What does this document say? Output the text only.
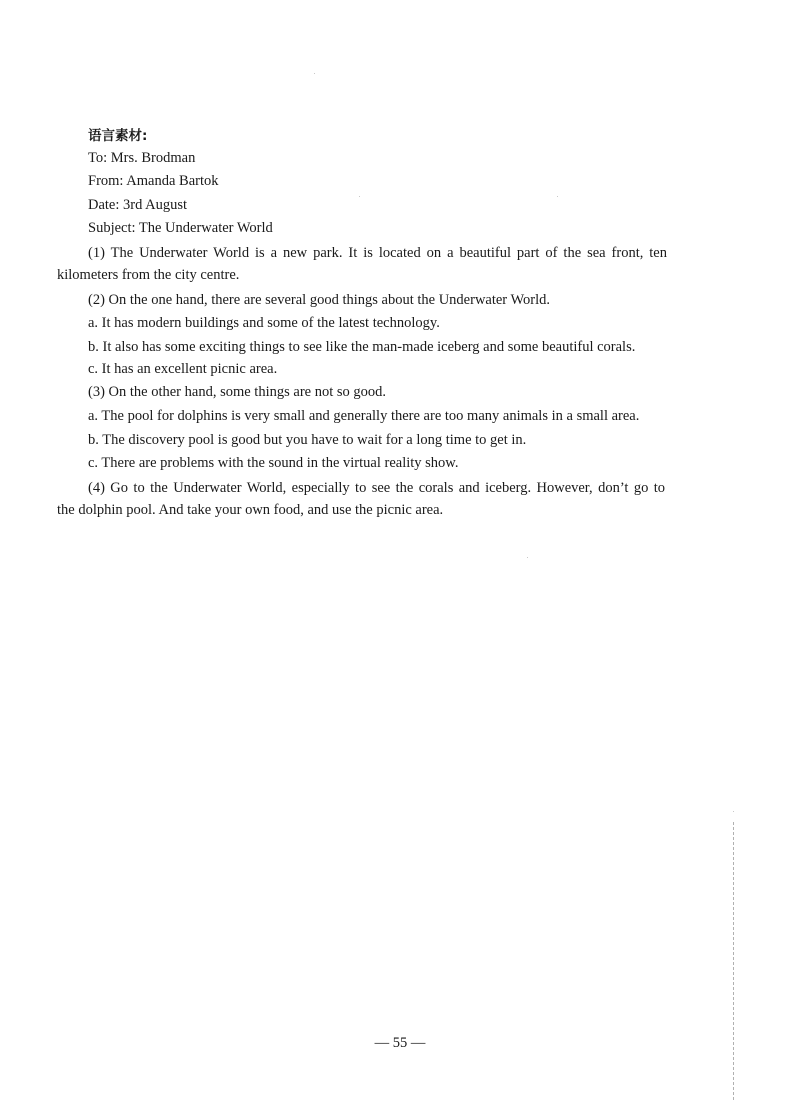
语言素材:
To: Mrs. Brodman
From: Amanda Bartok
Date: 3rd August
Subject: The Underwater World
(1) The Underwater World is a new park. It is located on a beautiful part of the sea front, ten
kilometers from the city centre.
(2) On the one hand, there are several good things about the Underwater World.
a. It has modern buildings and some of the latest technology.
b. It also has some exciting things to see like the man-made iceberg and some beautiful corals.
c. It has an excellent picnic area.
(3) On the other hand, some things are not so good.
a. The pool for dolphins is very small and generally there are too many animals in a small area.
b. The discovery pool is good but you have to wait for a long time to get in.
c. There are problems with the sound in the virtual reality show.
(4) Go to the Underwater World, especially to see the corals and iceberg. However, don’t go to
the dolphin pool. And take your own food, and use the picnic area.
— 55 —
